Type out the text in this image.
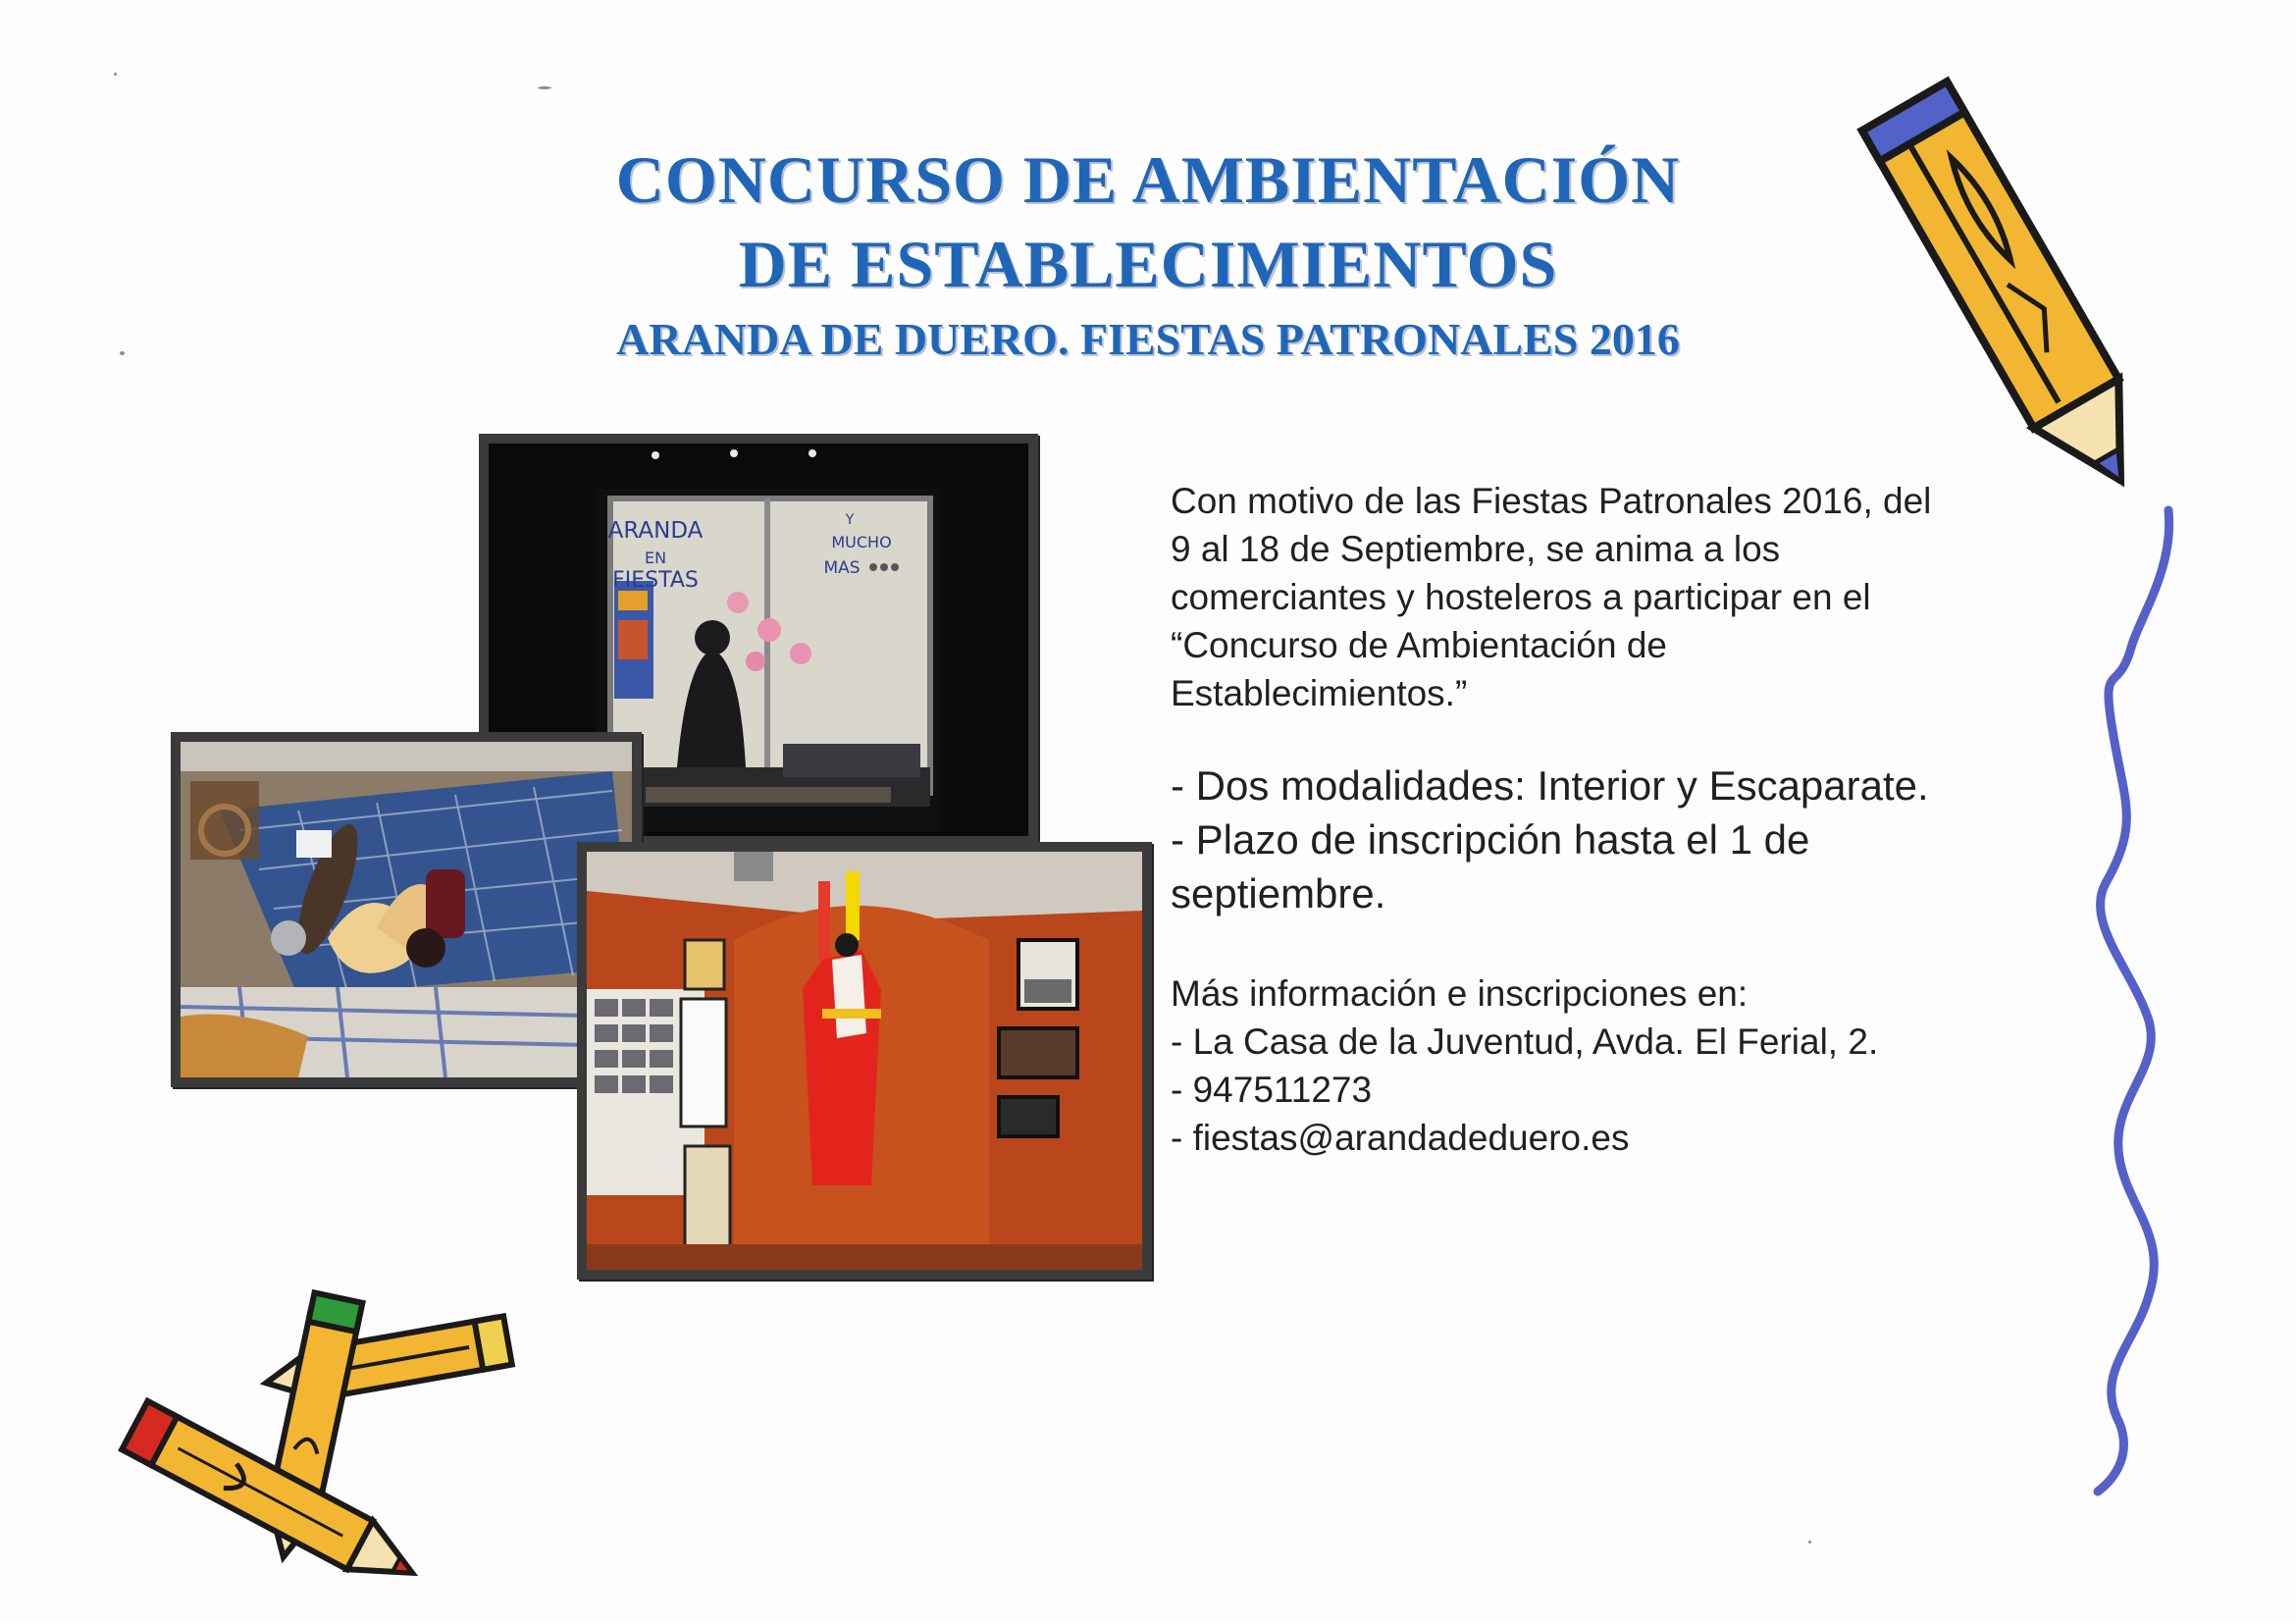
CONCURSO DE AMBIENTACIÓN
DE ESTABLECIMIENTOS
ARANDA DE DUERO. FIESTAS PATRONALES 2016
ARANDA
EN
FIESTAS
Y
MUCHO
MAS
Con motivo de las Fiestas Patronales 2016, del
9 al 18 de Septiembre, se anima a los
comerciantes y hosteleros a participar en el
“Concurso de Ambientación de
Establecimientos.”
- Dos modalidades: Interior y Escaparate.
- Plazo de inscripción hasta el 1 de
septiembre.
Más información e inscripciones en:
- La Casa de la Juventud, Avda. El Ferial, 2.
- 947511273
- fiestas@arandadeduero.es
